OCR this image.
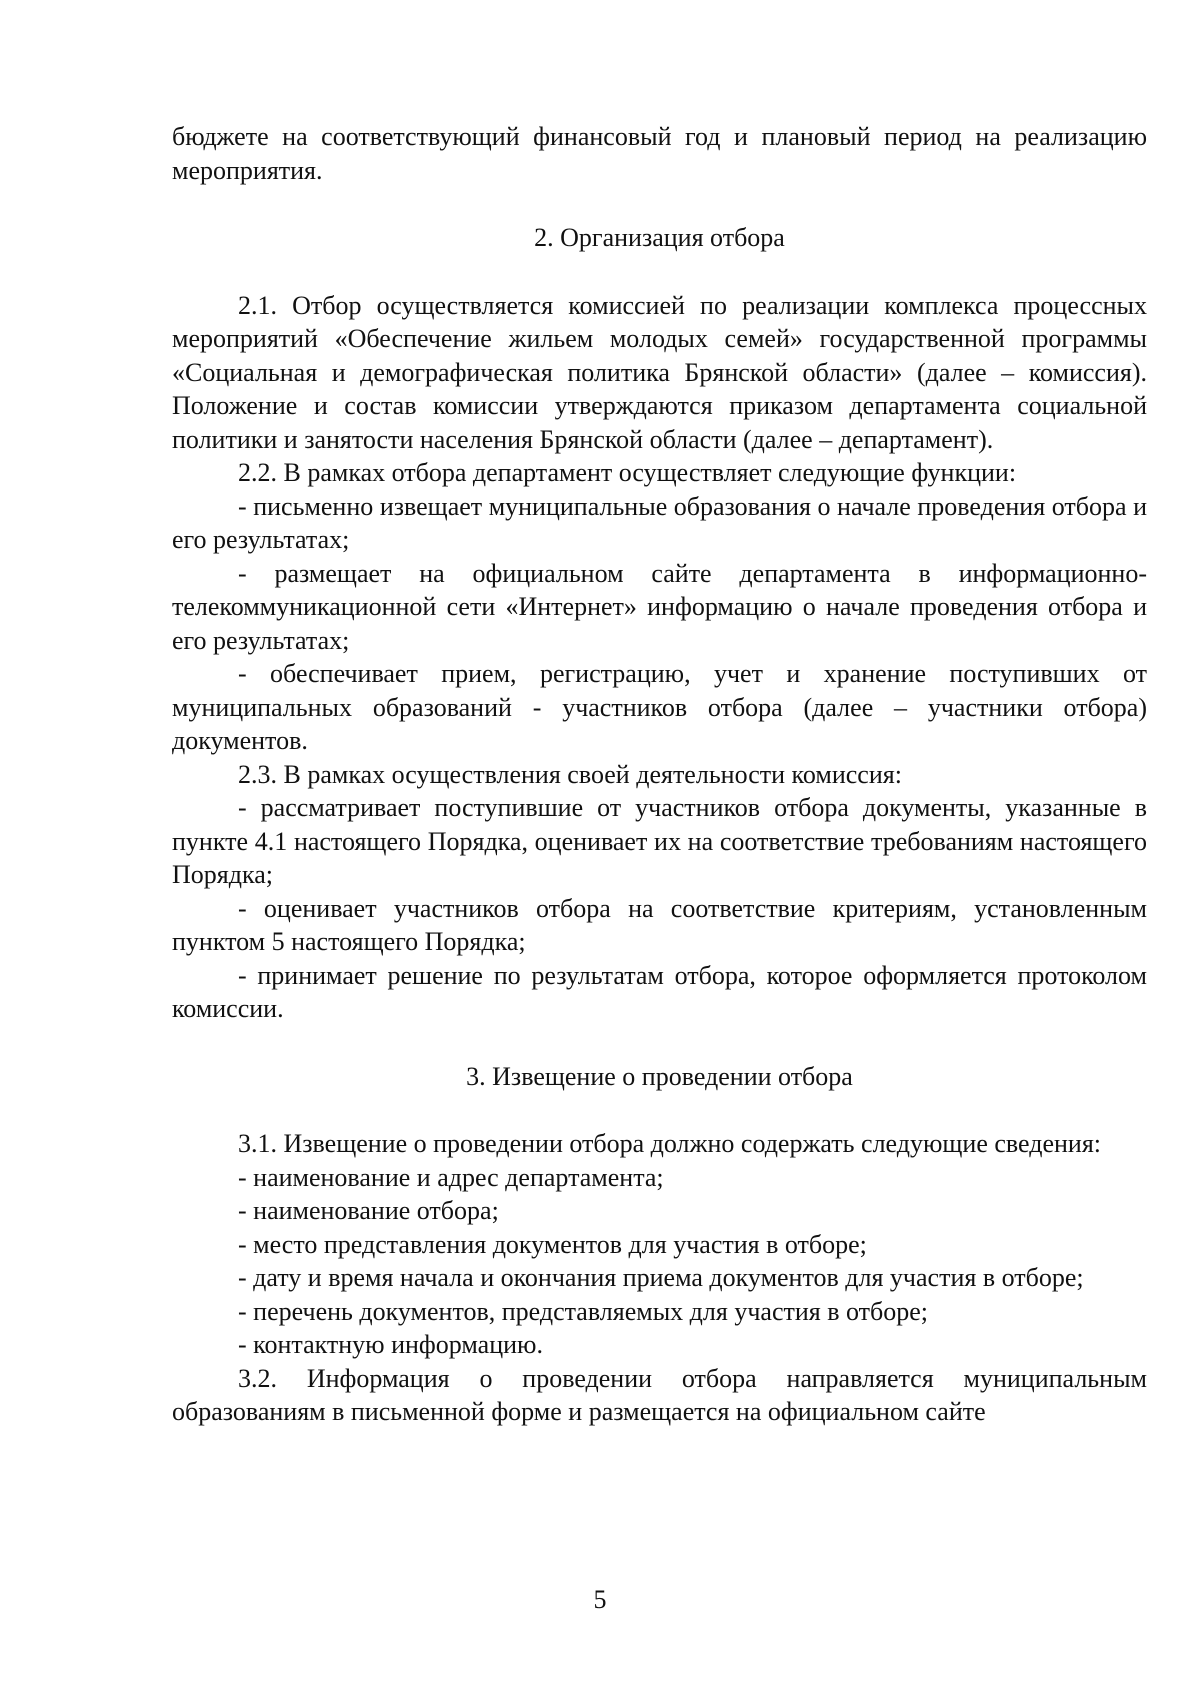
бюджете на соответствующий финансовый год и плановый период на реализацию мероприятия.

2. Организация отбора

2.1. Отбор осуществляется комиссией по реализации комплекса процессных мероприятий «Обеспечение жильем молодых семей» государственной программы «Социальная и демографическая политика Брянской области» (далее – комиссия). Положение и состав комиссии утверждаются приказом департамента социальной политики и занятости населения Брянской области (далее – департамент).

2.2. В рамках отбора департамент осуществляет следующие функции:

- письменно извещает муниципальные образования о начале проведения отбора и его результатах;

- размещает на официальном сайте департамента в информационно-телекоммуникационной сети «Интернет» информацию о начале проведения отбора и его результатах;

- обеспечивает прием, регистрацию, учет и хранение поступивших от муниципальных образований - участников отбора (далее – участники отбора) документов.

2.3. В рамках осуществления своей деятельности комиссия:

- рассматривает поступившие от участников отбора документы, указанные в пункте 4.1 настоящего Порядка, оценивает их на соответствие требованиям настоящего Порядка;

- оценивает участников отбора на соответствие критериям, установленным пунктом 5 настоящего Порядка;

- принимает решение по результатам отбора, которое оформляется протоколом комиссии.

3. Извещение о проведении отбора

3.1. Извещение о проведении отбора должно содержать следующие сведения:

- наименование и адрес департамента;

- наименование отбора;

- место представления документов для участия в отборе;

- дату и время начала и окончания приема документов для участия в отборе;

- перечень документов, представляемых для участия в отборе;

- контактную информацию.

3.2. Информация о проведении отбора направляется муниципальным образованиям в письменной форме и размещается на официальном сайте

5
